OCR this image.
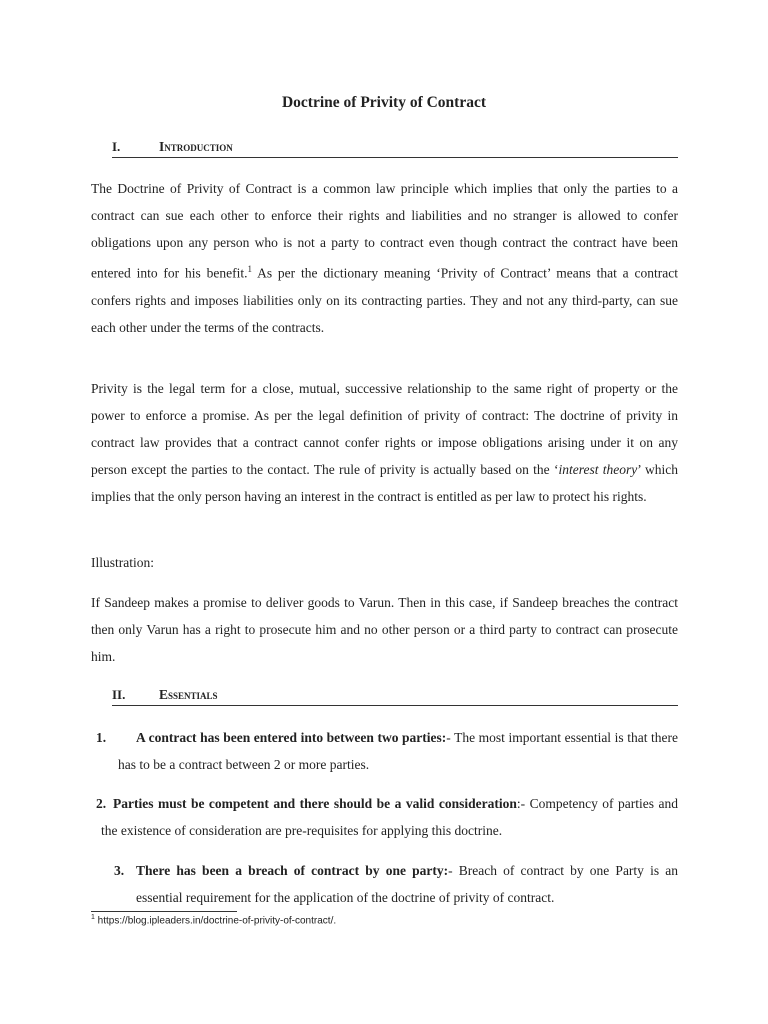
Doctrine of Privity of Contract
I.	Introduction

The Doctrine of Privity of Contract is a common law principle which implies that only the parties to a contract can sue each other to enforce their rights and liabilities and no stranger is allowed to confer obligations upon any person who is not a party to contract even though contract the contract have been entered into for his benefit.$^1$ As per the dictionary meaning ‘Privity of Contract’ means that a contract confers rights and imposes liabilities only on its contracting parties. They and not any third-party, can sue each other under the terms of the contracts.

Privity is the legal term for a close, mutual, successive relationship to the same right of property or the power to enforce a promise. As per the legal definition of privity of contract: The doctrine of privity in contract law provides that a contract cannot confer rights or impose obligations arising under it on any person except the parties to the contact. The rule of privity is actually based on the ‘interest theory’ which implies that the only person having an interest in the contract is entitled as per law to protect his rights.

Illustration:

If Sandeep makes a promise to deliver goods to Varun. Then in this case, if Sandeep breaches the contract then only Varun has a right to prosecute him and no other person or a third party to contract can prosecute him.

II. Essentials

1. A contract has been entered into between two parties:- The most important essential is that there has to be a contract between 2 or more parties.

2. Parties must be competent and there should be a valid consideration:- Competency of parties and the existence of consideration are pre-requisites for applying this doctrine.

3. There has been a breach of contract by one party:- Breach of contract by one Party is an essential requirement for the application of the doctrine of privity of contract.

$^1$ https://blog.ipleaders.in/doctrine-of-privity-of-contract/.
